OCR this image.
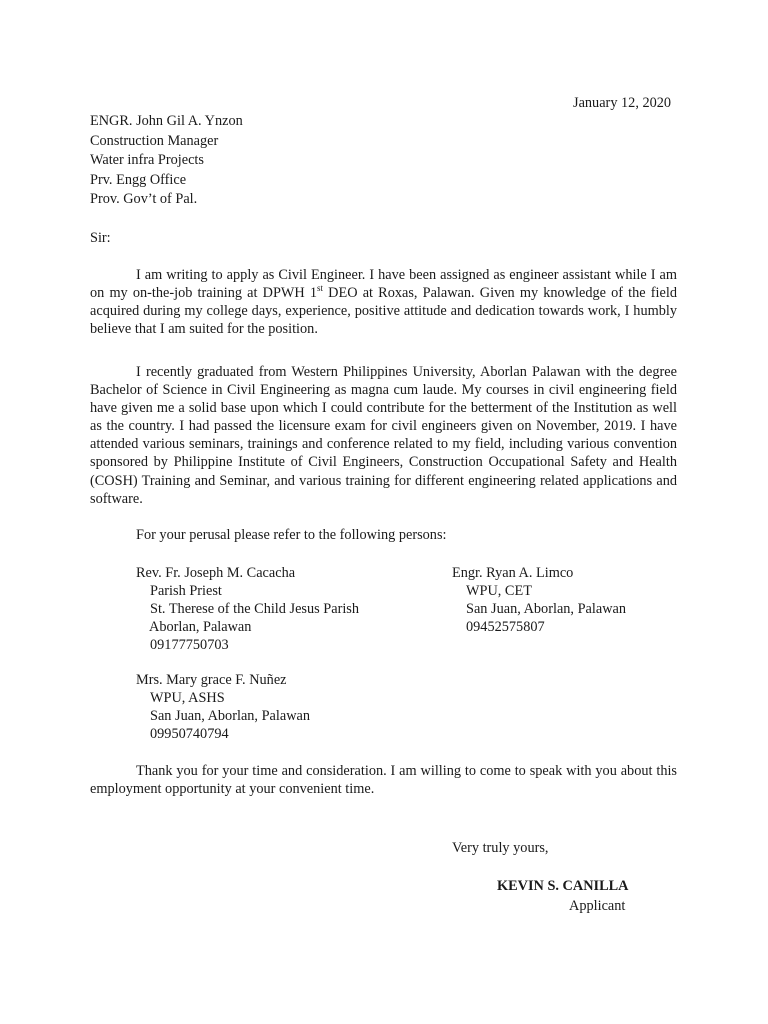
January 12, 2020
ENGR. John Gil A. Ynzon
Construction Manager
Water infra Projects
Prv. Engg Office
Prov. Gov’t of Pal.
Sir:
I am writing to apply as Civil Engineer. I have been assigned as engineer assistant while I am on my on-the-job training at DPWH 1st DEO at Roxas, Palawan. Given my knowledge of the field acquired during my college days, experience, positive attitude and dedication towards work, I humbly believe that I am suited for the position.
I recently graduated from Western Philippines University, Aborlan Palawan with the degree Bachelor of Science in Civil Engineering as magna cum laude. My courses in civil engineering field have given me a solid base upon which I could contribute for the betterment of the Institution as well as the country. I had passed the licensure exam for civil engineers given on November, 2019. I have attended various seminars, trainings and conference related to my field, including various convention sponsored by Philippine Institute of Civil Engineers, Construction Occupational Safety and Health (COSH) Training and Seminar, and various training for different engineering related applications and software.
For your perusal please refer to the following persons:
Rev. Fr. Joseph M. Cacacha
Parish Priest
St. Therese of the Child Jesus Parish
Aborlan, Palawan
09177750703
Engr. Ryan A. Limco
WPU, CET
San Juan, Aborlan, Palawan
09452575807
Mrs. Mary grace F. Nuñez
WPU, ASHS
San Juan, Aborlan, Palawan
09950740794
Thank you for your time and consideration. I am willing to come to speak with you about this employment opportunity at your convenient time.
Very truly yours,
KEVIN S. CANILLA
Applicant
